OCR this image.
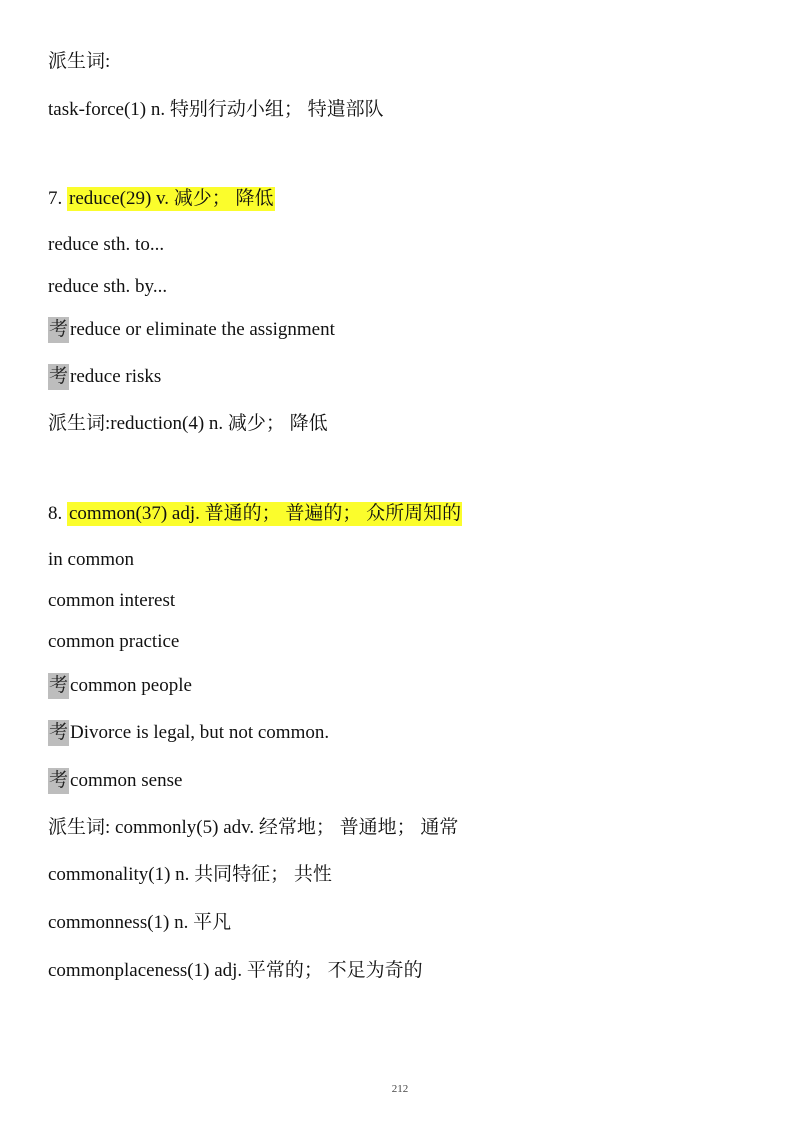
派生词:
task-force(1) n. 特别行动小组； 特遣部队
7. reduce(29) v. 减少； 降低
reduce sth. to...
reduce sth. by...
考 reduce or eliminate the assignment
考 reduce risks
派生词:reduction(4) n. 减少； 降低
8. common(37) adj. 普通的； 普遍的； 众所周知的
in common
common interest
common practice
考 common people
考 Divorce is legal, but not common.
考 common sense
派生词: commonly(5) adv. 经常地； 普通地； 通常
commonality(1) n. 共同特征； 共性
commonness(1) n. 平凡
commonplaceness(1) adj. 平常的； 不足为奇的
212
